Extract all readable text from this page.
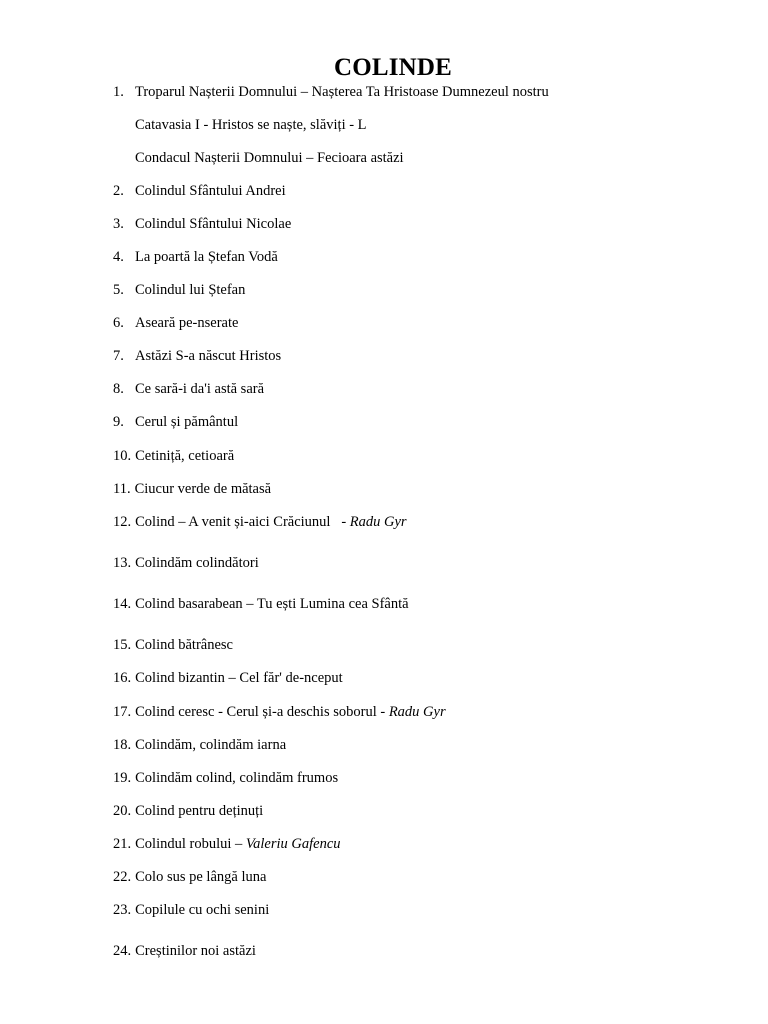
COLINDE
1. Troparul Nașterii Domnului – Nașterea Ta Hristoase Dumnezeul nostru
Catavasia I - Hristos se naște, slăviți - L
Condacul Nașterii Domnului – Fecioara astăzi
2. Colindul Sfântului Andrei
3. Colindul Sfântului Nicolae
4. La poartă la Ștefan Vodă
5. Colindul lui Ștefan
6. Aseară pe-nserate
7. Astăzi S-a născut Hristos
8. Ce sară-i da'i astă sară
9. Cerul și pământul
10. Cetiniță, cetioară
11. Ciucur verde de mătasă
12. Colind – A venit și-aici Crăciunul   - Radu Gyr
13. Colindăm colindători
14. Colind basarabean – Tu ești Lumina cea Sfântă
15. Colind bătrânesc
16. Colind bizantin – Cel făr' de-nceput
17. Colind ceresc - Cerul și-a deschis soborul - Radu Gyr
18. Colindăm, colindăm iarna
19. Colindăm colind, colindăm frumos
20. Colind pentru deținuți
21. Colindul robului – Valeriu Gafencu
22. Colo sus pe lângă luna
23. Copilule cu ochi senini
24. Creștinilor noi astăzi
